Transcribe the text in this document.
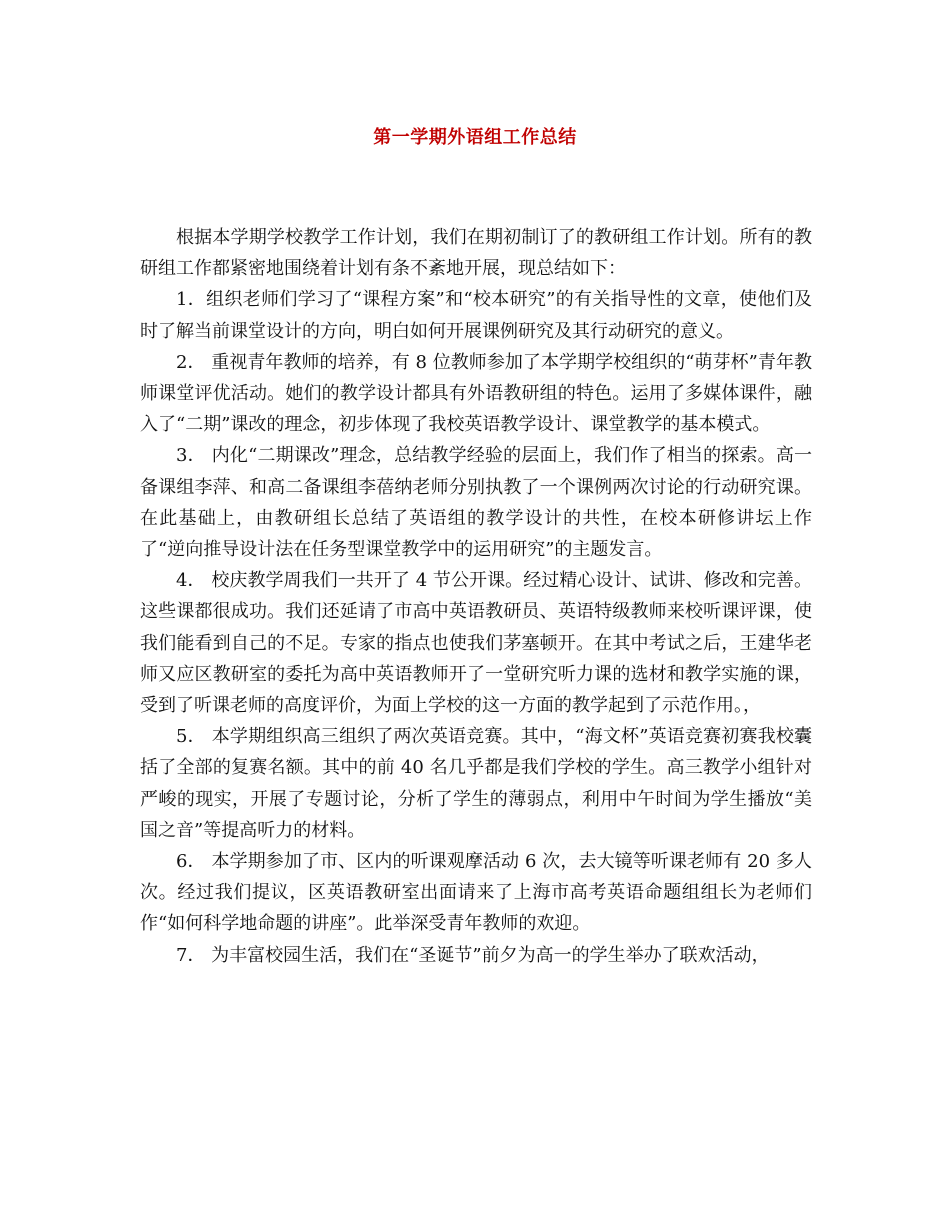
第一学期外语组工作总结

根据本学期学校教学工作计划，我们在期初制订了的教研组工作计划。所有的教研组工作都紧密地围绕着计划有条不紊地开展，现总结如下：

1．组织老师们学习了“课程方案”和“校本研究”的有关指导性的文章，使他们及时了解当前课堂设计的方向，明白如何开展课例研究及其行动研究的意义。

2． 重视青年教师的培养，有 8 位教师参加了本学期学校组织的“萌芽杯”青年教师课堂评优活动。她们的教学设计都具有外语教研组的特色。运用了多媒体课件，融入了“二期”课改的理念，初步体现了我校英语教学设计、课堂教学的基本模式。

3． 内化“二期课改”理念，总结教学经验的层面上，我们作了相当的探索。高一备课组李萍、和高二备课组李蓓纳老师分别执教了一个课例两次讨论的行动研究课。在此基础上，由教研组长总结了英语组的教学设计的共性，在校本研修讲坛上作了“逆向推导设计法在任务型课堂教学中的运用研究”的主题发言。

4． 校庆教学周我们一共开了 4 节公开课。经过精心设计、试讲、修改和完善。这些课都很成功。我们还延请了市高中英语教研员、英语特级教师来校听课评课，使我们能看到自己的不足。专家的指点也使我们茅塞顿开。在其中考试之后，王建华老师又应区教研室的委托为高中英语教师开了一堂研究听力课的选材和教学实施的课，受到了听课老师的高度评价，为面上学校的这一方面的教学起到了示范作用。，

5． 本学期组织高三组织了两次英语竞赛。其中，“海文杯”英语竞赛初赛我校囊括了全部的复赛名额。其中的前 40 名几乎都是我们学校的学生。高三教学小组针对严峻的现实，开展了专题讨论，分析了学生的薄弱点，利用中午时间为学生播放“美国之音”等提高听力的材料。

6． 本学期参加了市、区内的听课观摩活动 6 次，去大镜等听课老师有 20 多人次。经过我们提议，区英语教研室出面请来了上海市高考英语命题组组长为老师们作“如何科学地命题的讲座”。此举深受青年教师的欢迎。

7． 为丰富校园生活，我们在“圣诞节”前夕为高一的学生举办了联欢活动，
